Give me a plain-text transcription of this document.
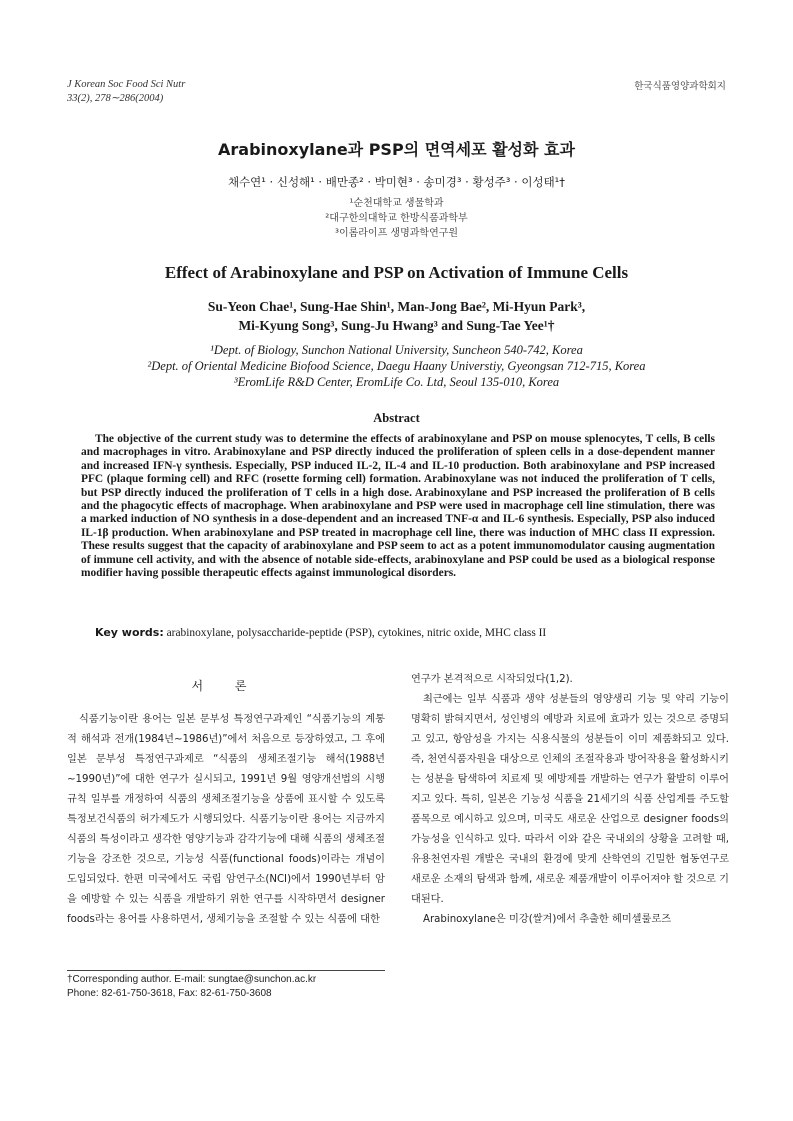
J Korean Soc Food Sci Nutr
33(2), 278∼286(2004)
한국식품영양과학회지
Arabinoxylane과 PSP의 면역세포 활성화 효과
채수연¹ · 신성해¹ · 배만종² · 박미현³ · 송미경³ · 황성주³ · 이성태¹†
¹순천대학교 생물학과
²대구한의대학교 한방식품과학부
³이롬라이프 생명과학연구원
Effect of Arabinoxylane and PSP on Activation of Immune Cells
Su-Yeon Chae¹, Sung-Hae Shin¹, Man-Jong Bae², Mi-Hyun Park³,
Mi-Kyung Song³, Sung-Ju Hwang³ and Sung-Tae Yee¹†
¹Dept. of Biology, Sunchon National University, Suncheon 540-742, Korea
²Dept. of Oriental Medicine Biofood Science, Daegu Haany Universtiy, Gyeongsan 712-715, Korea
³EromLife R&D Center, EromLife Co. Ltd, Seoul 135-010, Korea
Abstract

The objective of the current study was to determine the effects of arabinoxylane and PSP on mouse splenocytes, T cells, B cells and macrophages in vitro. Arabinoxylane and PSP directly induced the proliferation of spleen cells in a dose-dependent manner and increased IFN-γ synthesis. Especially, PSP induced IL-2, IL-4 and IL-10 production. Both arabinoxylane and PSP increased PFC (plaque forming cell) and RFC (rosette forming cell) formation. Arabinoxylane was not induced the proliferation of T cells, but PSP directly induced the proliferation of T cells in a high dose. Arabinoxylane and PSP increased the proliferation of B cells and the phagocytic effects of macrophage. When arabinoxylane and PSP were used in macrophage cell line stimulation, there was a marked induction of NO synthesis in a dose-dependent and an increased TNF-α and IL-6 synthesis. Especially, PSP also induced IL-1β production. When arabinoxylane and PSP treated in macrophage cell line, there was induction of MHC class II expression. These results suggest that the capacity of arabinoxylane and PSP seem to act as a potent immunomodulator causing augmentation of immune cell activity, and with the absence of notable side-effects, arabinoxylane and PSP could be used as a biological response modifier having possible therapeutic effects against immunological disorders.

Key words: arabinoxylane, polysaccharide-peptide (PSP), cytokines, nitric oxide, MHC class II
서 론

식품기능이란 용어는 일본 문부성 특정연구과제인 “식품기능의 계통적 해석과 전개(1984년∼1986년)”에서 처음으로 등장하였고, 그 후에 일본 문부성 특정연구과제로 “식품의 생체조절기능 해석(1988년∼1990년)”에 대한 연구가 실시되고, 1991년 9월 영양개선법의 시행규칙 일부를 개정하여 식품의 생체조절기능을 상품에 표시할 수 있도록 특정보건식품의 허가제도가 시행되었다. 식품기능이란 용어는 지금까지 식품의 특성이라고 생각한 영양기능과 감각기능에 대해 식품의 생체조절기능을 강조한 것으로, 기능성 식품(functional foods)이라는 개념이 도입되었다. 한편 미국에서도 국립 암연구소(NCI)에서 1990년부터 암을 예방할 수 있는 식품을 개발하기 위한 연구를 시작하면서 designer foods라는 용어를 사용하면서, 생체기능을 조절할 수 있는 식품에 대한

연구가 본격적으로 시작되었다(1,2).

최근에는 일부 식품과 생약 성분들의 영양생리 기능 및 약리 기능이 명확히 밝혀지면서, 성인병의 예방과 치료에 효과가 있는 것으로 증명되고 있고, 항암성을 가지는 식용식물의 성분들이 이미 제품화되고 있다. 즉, 천연식품자원을 대상으로 인체의 조절작용과 방어작용을 활성화시키는 성분을 탐색하여 치료제 및 예방제를 개발하는 연구가 활발히 이루어지고 있다. 특히, 일본은 기능성 식품을 21세기의 식품 산업계를 주도할 품목으로 예시하고 있으며, 미국도 새로운 산업으로 designer foods의 가능성을 인식하고 있다. 따라서 이와 같은 국내외의 상황을 고려할 때, 유용천연자원 개발은 국내의 환경에 맞게 산학연의 긴밀한 협동연구로 새로운 소재의 탐색과 함께, 새로운 제품개발이 이루어져야 할 것으로 기대된다.

Arabinoxylane은 미강(쌀겨)에서 추출한 헤미셀룰로즈

†Corresponding author. E-mail: sungtae@sunchon.ac.kr
Phone: 82-61-750-3618, Fax: 82-61-750-3608
